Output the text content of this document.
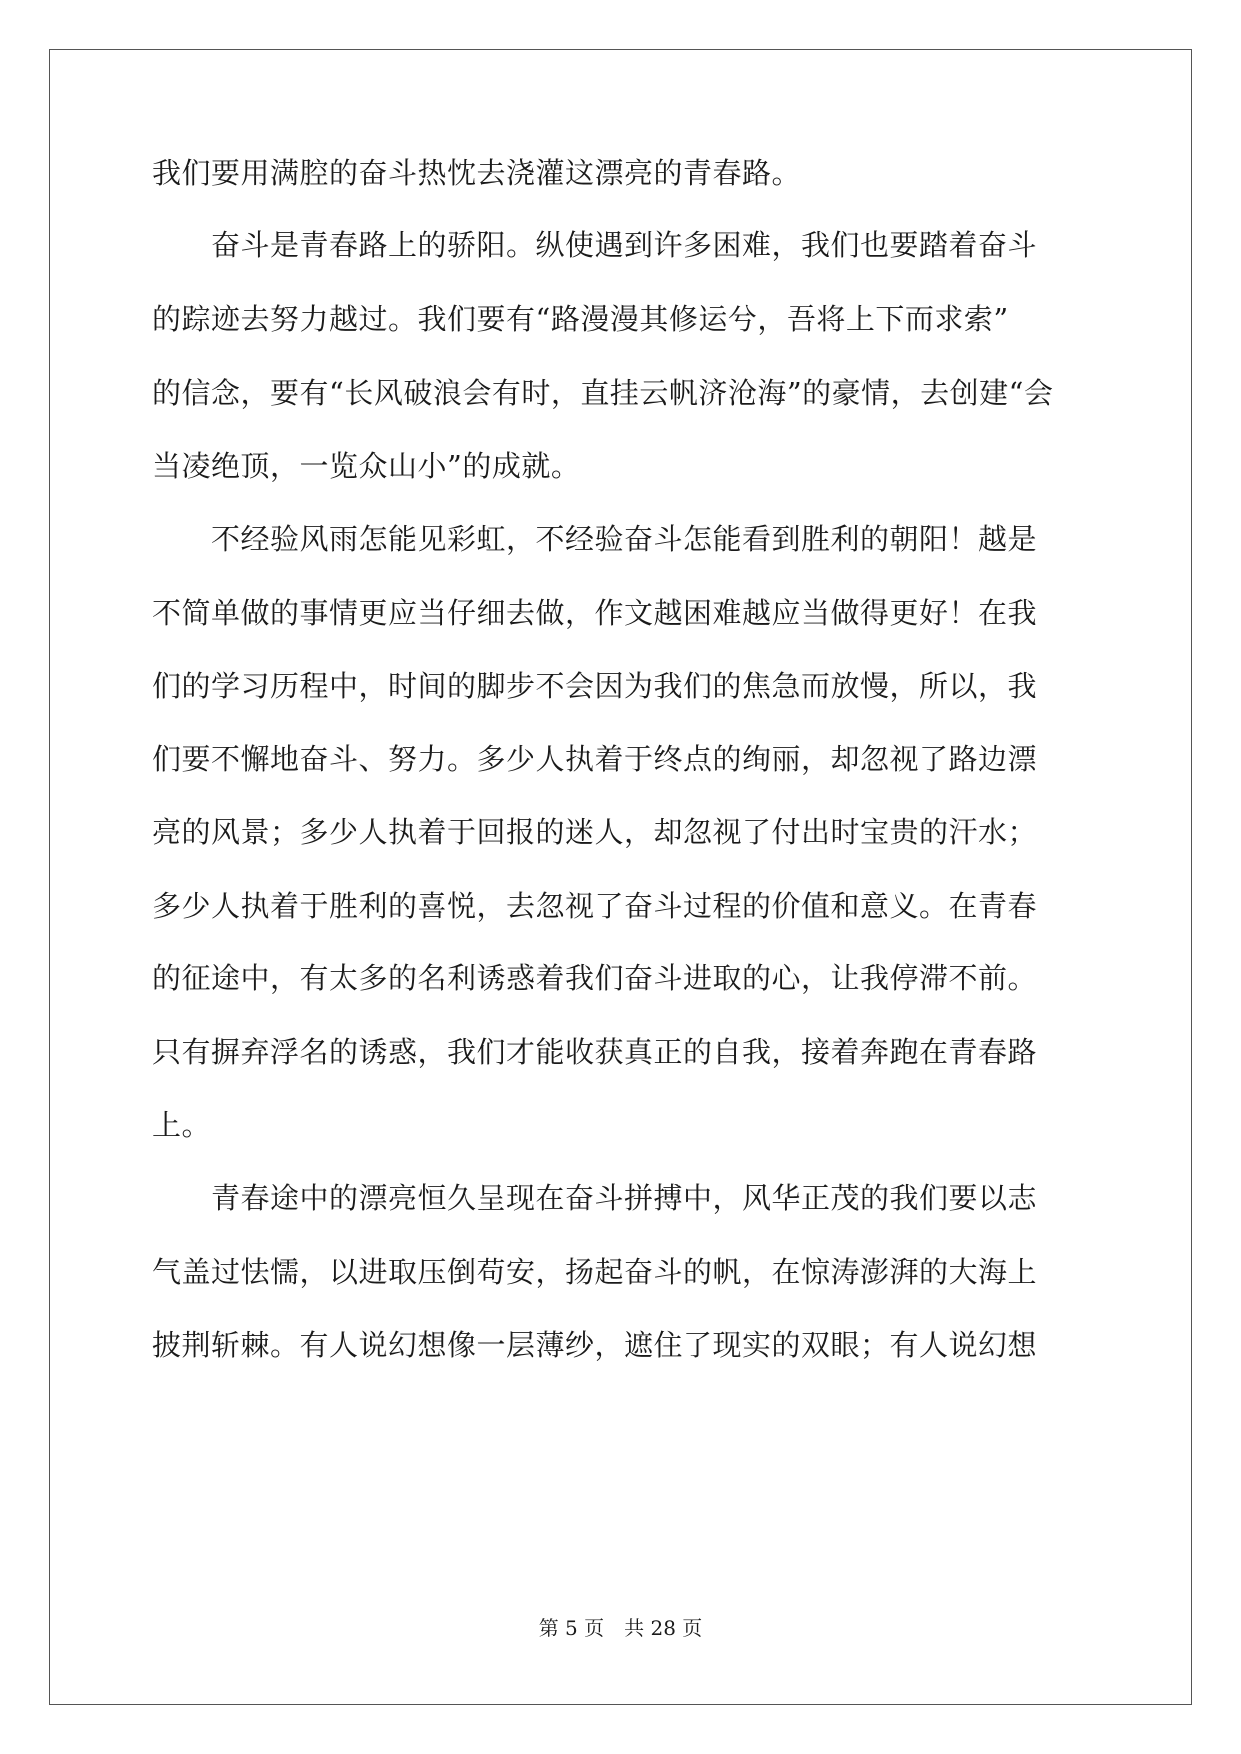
我们要用满腔的奋斗热忱去浇灌这漂亮的青春路。
　　奋斗是青春路上的骄阳。纵使遇到许多困难，我们也要踏着奋斗
的踪迹去努力越过。我们要有“路漫漫其修运兮，吾将上下而求索”
的信念，要有“长风破浪会有时，直挂云帆济沧海”的豪情，去创建“会
当凌绝顶，一览众山小”的成就。
　　不经验风雨怎能见彩虹，不经验奋斗怎能看到胜利的朝阳！越是
不简单做的事情更应当仔细去做，作文越困难越应当做得更好！在我
们的学习历程中，时间的脚步不会因为我们的焦急而放慢，所以，我
们要不懈地奋斗、努力。多少人执着于终点的绚丽，却忽视了路边漂
亮的风景；多少人执着于回报的迷人，却忽视了付出时宝贵的汗水；
多少人执着于胜利的喜悦，去忽视了奋斗过程的价值和意义。在青春
的征途中，有太多的名利诱惑着我们奋斗进取的心，让我停滞不前。
只有摒弃浮名的诱惑，我们才能收获真正的自我，接着奔跑在青春路
上。
　　青春途中的漂亮恒久呈现在奋斗拼搏中，风华正茂的我们要以志
气盖过怯懦，以进取压倒苟安，扬起奋斗的帆，在惊涛澎湃的大海上
披荆斩棘。有人说幻想像一层薄纱，遮住了现实的双眼；有人说幻想
第 5 页 共 28 页
